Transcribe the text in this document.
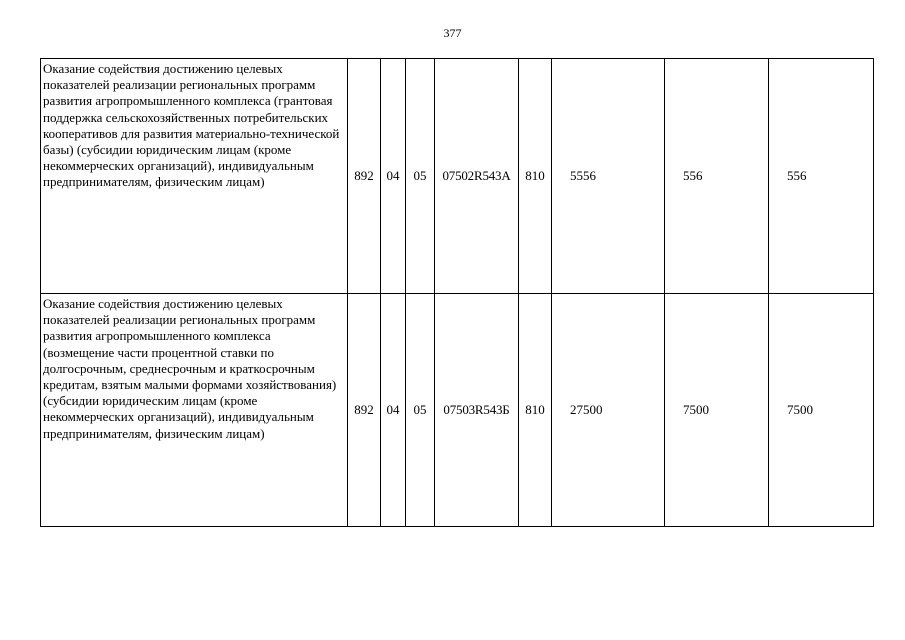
377
Оказание содействия достижению целевых показателей реализации региональных программ развития агропромышленного комплекса (грантовая поддержка сельскохозяйственных потребительских кооперативов для развития материально-технической базы) (субсидии юридическим лицам (кроме некоммерческих организаций), индивидуальным предпринимателям, физическим лицам)	892	04	05	07502R543А	810	5556	556	556
Оказание содействия достижению целевых показателей реализации региональных программ развития агропромышленного комплекса (возмещение части процентной ставки по долгосрочным, среднесрочным и краткосрочным кредитам, взятым малыми формами хозяйствования) (субсидии юридическим лицам (кроме некоммерческих организаций), индивидуальным предпринимателям, физическим лицам)	892	04	05	07503R543Б	810	27500	7500	7500
